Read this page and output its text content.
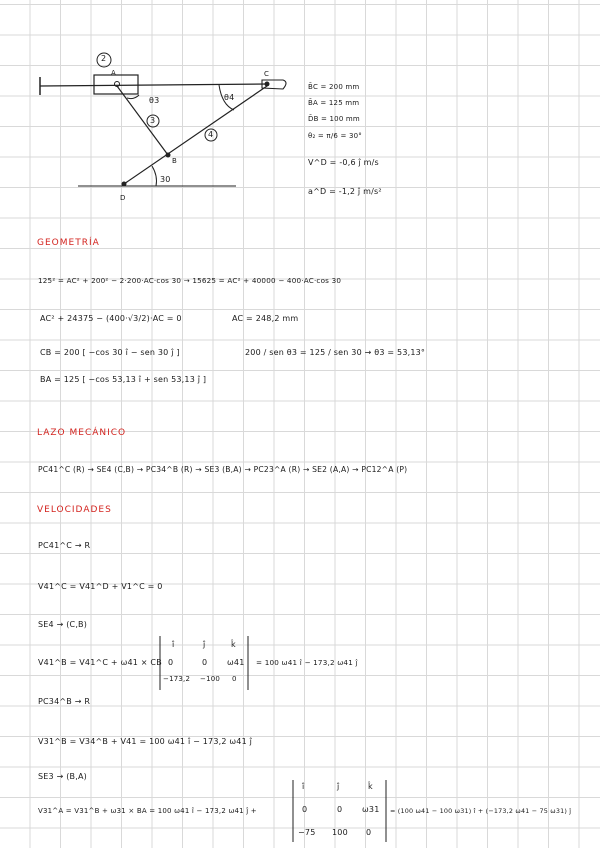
2
3
4
A	C
B
D
θ3	θ4
30
B̄C = 200 mm
B̄A = 125 mm
D̄B = 100 mm
θ₂ = π/6 = 30°
V^D = -0,6 ĵ m/s
a^D = -1,2 ĵ m/s²
GEOMETRÍA
125² = AC² + 200² − 2·200·AC·cos 30 → 15625 = AC² + 40000 − 400·AC·cos 30
AC² + 24375 − (400·√3/2)·AC = 0	AC = 248,2 mm
CB = 200 [ −cos 30 î − sen 30 ĵ ]	200 / sen θ3 = 125 / sen 30 → θ3 = 53,13°
BA = 125 [ −cos 53,13 î + sen 53,13 ĵ ]
LAZO MECÁNICO
PC41^C (R) → SE4 (C,B) → PC34^B (R) → SE3 (B,A) → PC23^A (R) → SE2 (A,A) → PC12^A (P)
VELOCIDADES
PC41^C → R
V41^C = V41^D + V1^C = 0
SE4 → (C,B)
V41^B = V41^C + ω41 × CB
î	ĵ	k̂
0	0 ω41
−173,2 −100 0
= 100 ω41 î − 173,2 ω41 ĵ
PC34^B → R
V31^B = V34^B + V41 = 100 ω41 î − 173,2 ω41 ĵ
SE3 → (B,A)
V31^A = V31^B + ω31 × BA = 100 ω41 î − 173,2 ω41 ĵ +
î	ĵ	k̂
0	0 ω31
−75 100 0
= (100 ω41 − 100 ω31) î + (−173,2 ω41 − 75 ω31) ĵ
